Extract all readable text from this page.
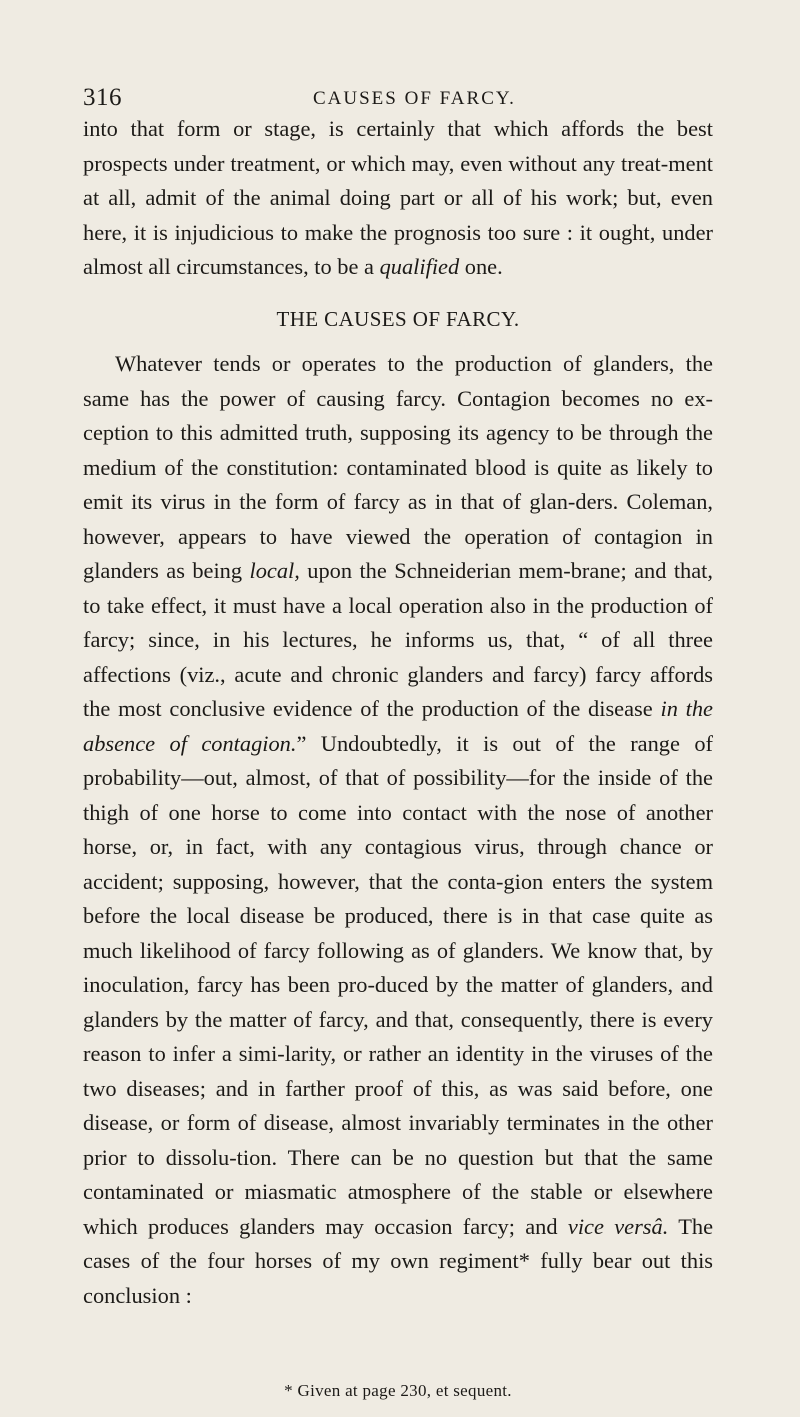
316	CAUSES OF FARCY.

into that form or stage, is certainly that which affords the best prospects under treatment, or which may, even without any treat-ment at all, admit of the animal doing part or all of his work; but, even here, it is injudicious to make the prognosis too sure : it ought, under almost all circumstances, to be a qualified one.

THE CAUSES OF FARCY.

Whatever tends or operates to the production of glanders, the same has the power of causing farcy. Contagion becomes no ex-ception to this admitted truth, supposing its agency to be through the medium of the constitution: contaminated blood is quite as likely to emit its virus in the form of farcy as in that of glan-ders. Coleman, however, appears to have viewed the operation of contagion in glanders as being local, upon the Schneiderian mem-brane; and that, to take effect, it must have a local operation also in the production of farcy; since, in his lectures, he informs us, that, “ of all three affections (viz., acute and chronic glanders and farcy) farcy affords the most conclusive evidence of the production of the disease in the absence of contagion.” Undoubtedly, it is out of the range of probability—out, almost, of that of possibility—for the inside of the thigh of one horse to come into contact with the nose of another horse, or, in fact, with any contagious virus, through chance or accident; supposing, however, that the conta-gion enters the system before the local disease be produced, there is in that case quite as much likelihood of farcy following as of glanders. We know that, by inoculation, farcy has been pro-duced by the matter of glanders, and glanders by the matter of farcy, and that, consequently, there is every reason to infer a simi-larity, or rather an identity in the viruses of the two diseases; and in farther proof of this, as was said before, one disease, or form of disease, almost invariably terminates in the other prior to dissolu-tion. There can be no question but that the same contaminated or miasmatic atmosphere of the stable or elsewhere which produces glanders may occasion farcy; and vice versâ. The cases of the four horses of my own regiment* fully bear out this conclusion :

* Given at page 230, et sequent.
